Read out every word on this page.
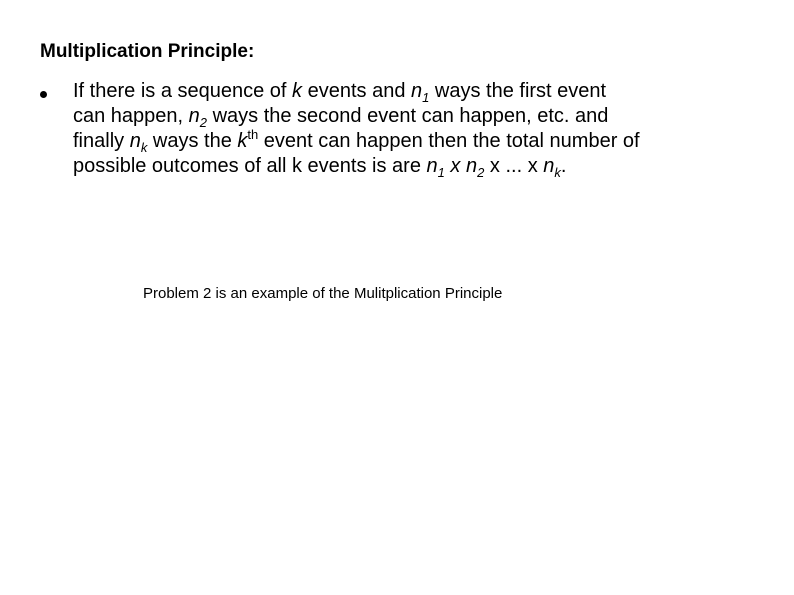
Multiplication Principle:
If there is a sequence of k events and $n_1$ ways the first event
can happen, $n_2$ ways the second event can happen, etc. and
finally $n_k$ ways the $k^{th}$ event can happen then the total number of
possible outcomes of all k events is are $n_1$ x $n_2$ x ... x $n_k$.
Problem 2 is an example of the Mulitplication Principle
